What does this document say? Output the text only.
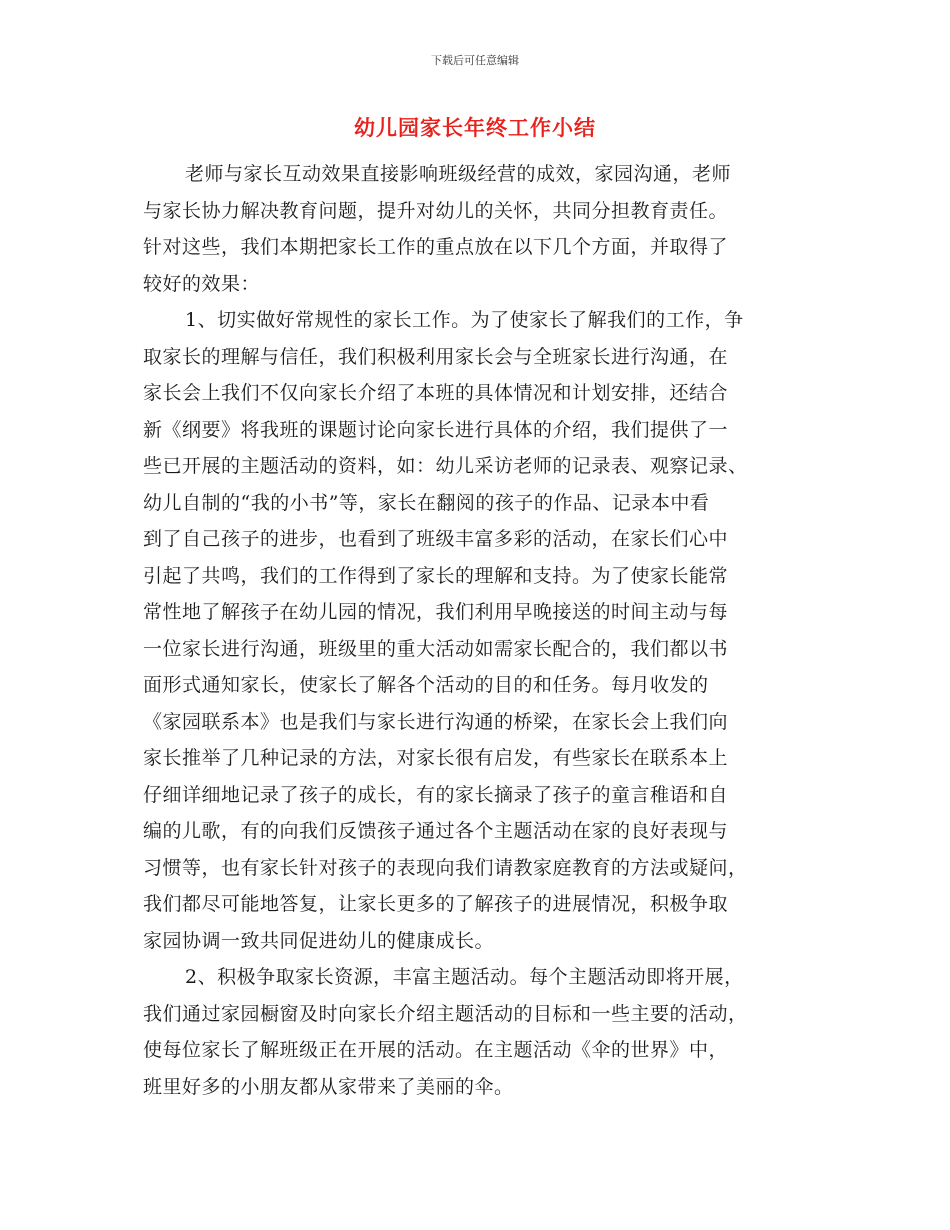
下载后可任意编辑
幼儿园家长年终工作小结
老师与家长互动效果直接影响班级经营的成效，家园沟通，老师
与家长协力解决教育问题，提升对幼儿的关怀，共同分担教育责任。
针对这些，我们本期把家长工作的重点放在以下几个方面，并取得了
较好的效果：
1、切实做好常规性的家长工作。为了使家长了解我们的工作，争
取家长的理解与信任，我们积极利用家长会与全班家长进行沟通，在
家长会上我们不仅向家长介绍了本班的具体情况和计划安排，还结合
新《纲要》将我班的课题讨论向家长进行具体的介绍，我们提供了一
些已开展的主题活动的资料，如：幼儿采访老师的记录表、观察记录、
幼儿自制的“我的小书”等，家长在翻阅的孩子的作品、记录本中看
到了自己孩子的进步，也看到了班级丰富多彩的活动，在家长们心中
引起了共鸣，我们的工作得到了家长的理解和支持。为了使家长能常
常性地了解孩子在幼儿园的情况，我们利用早晚接送的时间主动与每
一位家长进行沟通，班级里的重大活动如需家长配合的，我们都以书
面形式通知家长，使家长了解各个活动的目的和任务。每月收发的
《家园联系本》也是我们与家长进行沟通的桥梁，在家长会上我们向
家长推举了几种记录的方法，对家长很有启发，有些家长在联系本上
仔细详细地记录了孩子的成长，有的家长摘录了孩子的童言稚语和自
编的儿歌，有的向我们反馈孩子通过各个主题活动在家的良好表现与
习惯等，也有家长针对孩子的表现向我们请教家庭教育的方法或疑问，
我们都尽可能地答复，让家长更多的了解孩子的进展情况，积极争取
家园协调一致共同促进幼儿的健康成长。
2、积极争取家长资源，丰富主题活动。每个主题活动即将开展，
我们通过家园橱窗及时向家长介绍主题活动的目标和一些主要的活动，
使每位家长了解班级正在开展的活动。在主题活动《伞的世界》中，
班里好多的小朋友都从家带来了美丽的伞。
